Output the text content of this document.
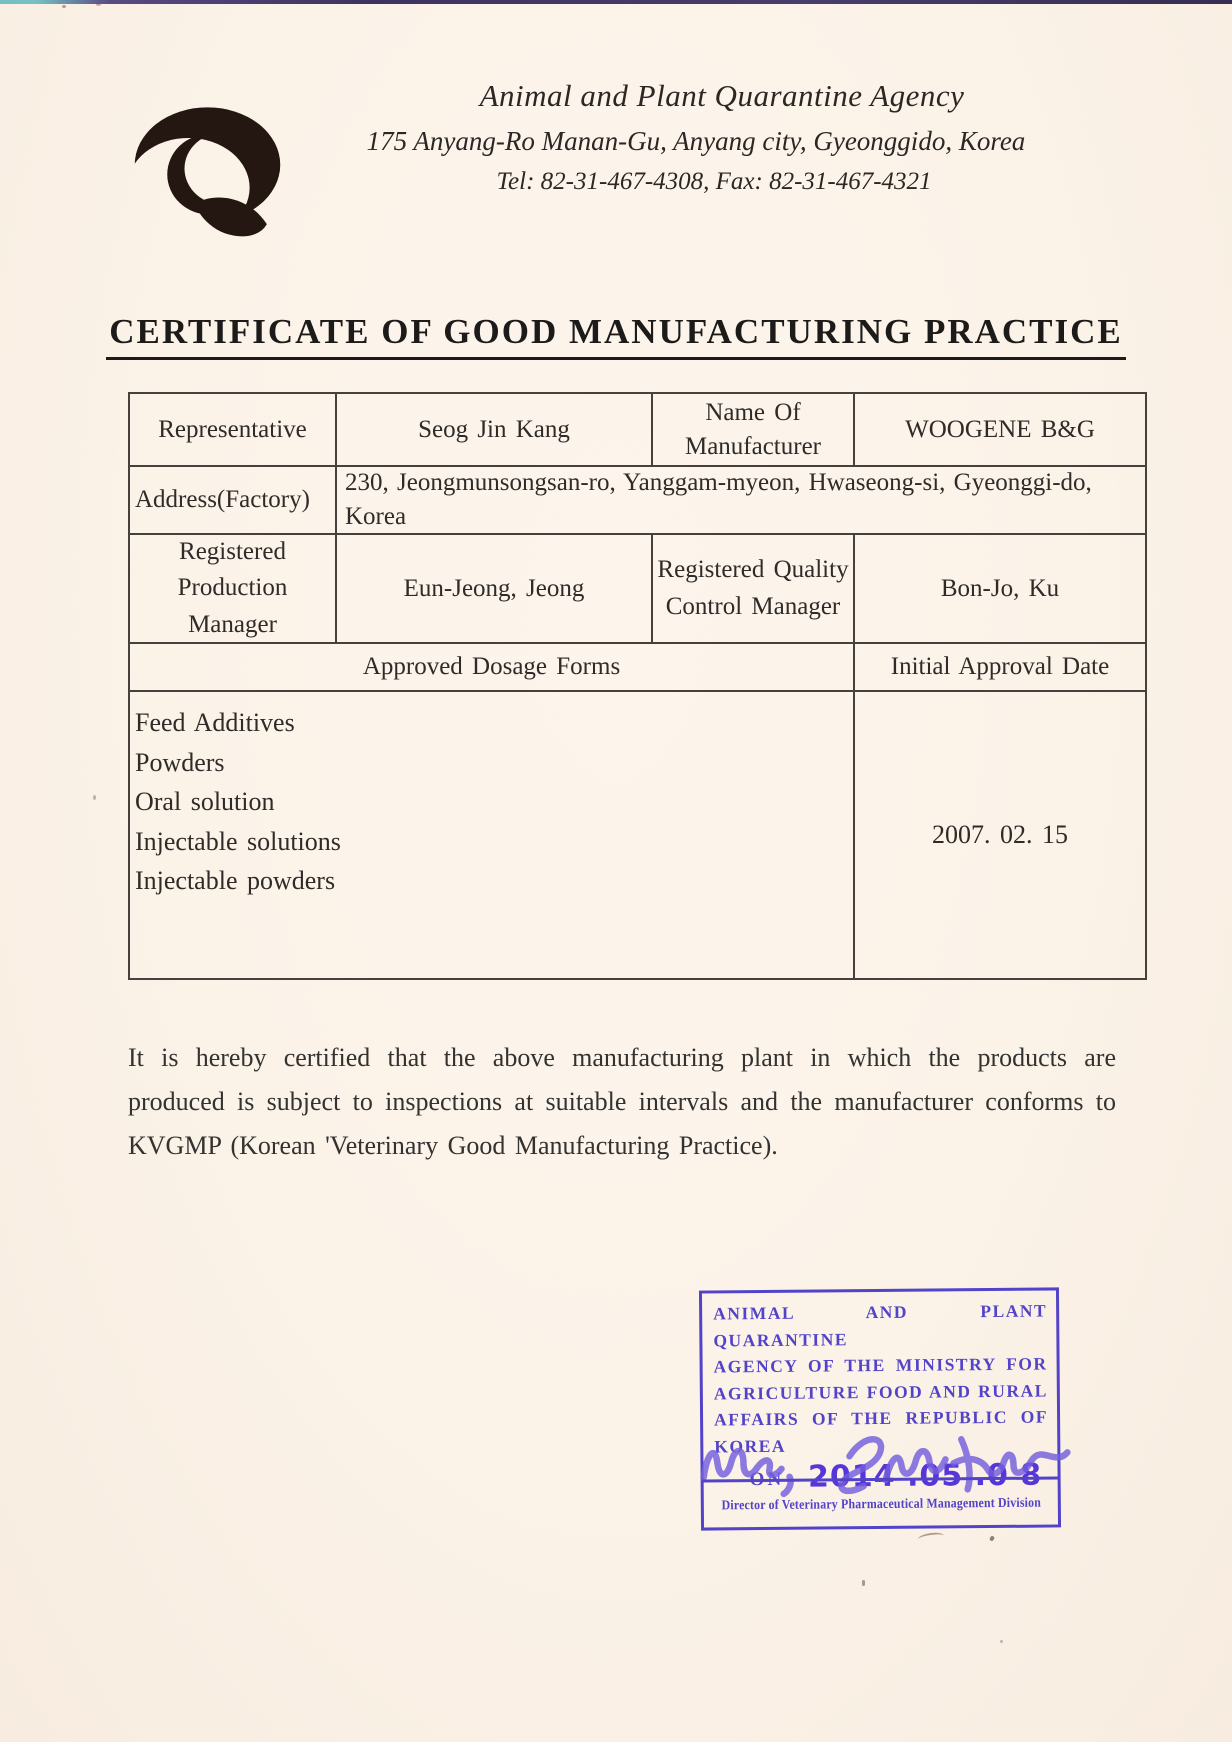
Animal and Plant Quarantine Agency
175 Anyang-Ro Manan-Gu, Anyang city, Gyeonggido, Korea
Tel: 82-31-467-4308, Fax: 82-31-467-4321
CERTIFICATE OF GOOD MANUFACTURING PRACTICE
Representative	Seog Jin Kang
Name Of Manufacturer
WOOGENE B&G
Address(Factory)
230, Jeongmunsongsan-ro, Yanggam-myeon, Hwaseong-si, Gyeonggi-do, Korea
Registered Production Manager
Eun-Jeong, Jeong
Registered Quality Control Manager
Bon-Jo, Ku
Approved Dosage Forms	Initial Approval Date
Feed Additives
Powders
Oral solution
Injectable solutions
Injectable powders
2007. 02. 15
It is hereby certified that the above manufacturing plant in which the products are produced is subject to inspections at suitable intervals and the manufacturer conforms to KVGMP (Korean 'Veterinary Good Manufacturing Practice).
ANIMAL AND PLANT QUARANTINE
AGENCY OF THE MINISTRY FOR
AGRICULTURE FOOD AND RURAL
AFFAIRS OF THE REPUBLIC OF KOREA
ON 2014 .05 .0 8
Director of Veterinary Pharmaceutical Management Division
